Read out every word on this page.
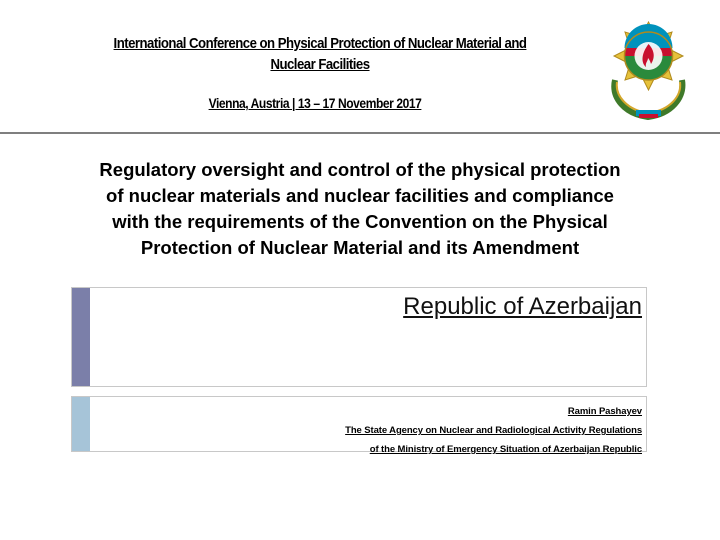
International Conference on Physical Protection of Nuclear Material and
Nuclear Facilities
Vienna, Austria | 13 – 17 November 2017
Regulatory oversight and control of the physical protection
of nuclear materials and nuclear facilities and compliance
with the requirements of the Convention on the Physical
Protection of Nuclear Material and its Amendment
Republic of Azerbaijan
Ramin Pashayev
The State Agency on Nuclear and Radiological Activity Regulations
of the Ministry of Emergency Situation of Azerbaijan Republic
